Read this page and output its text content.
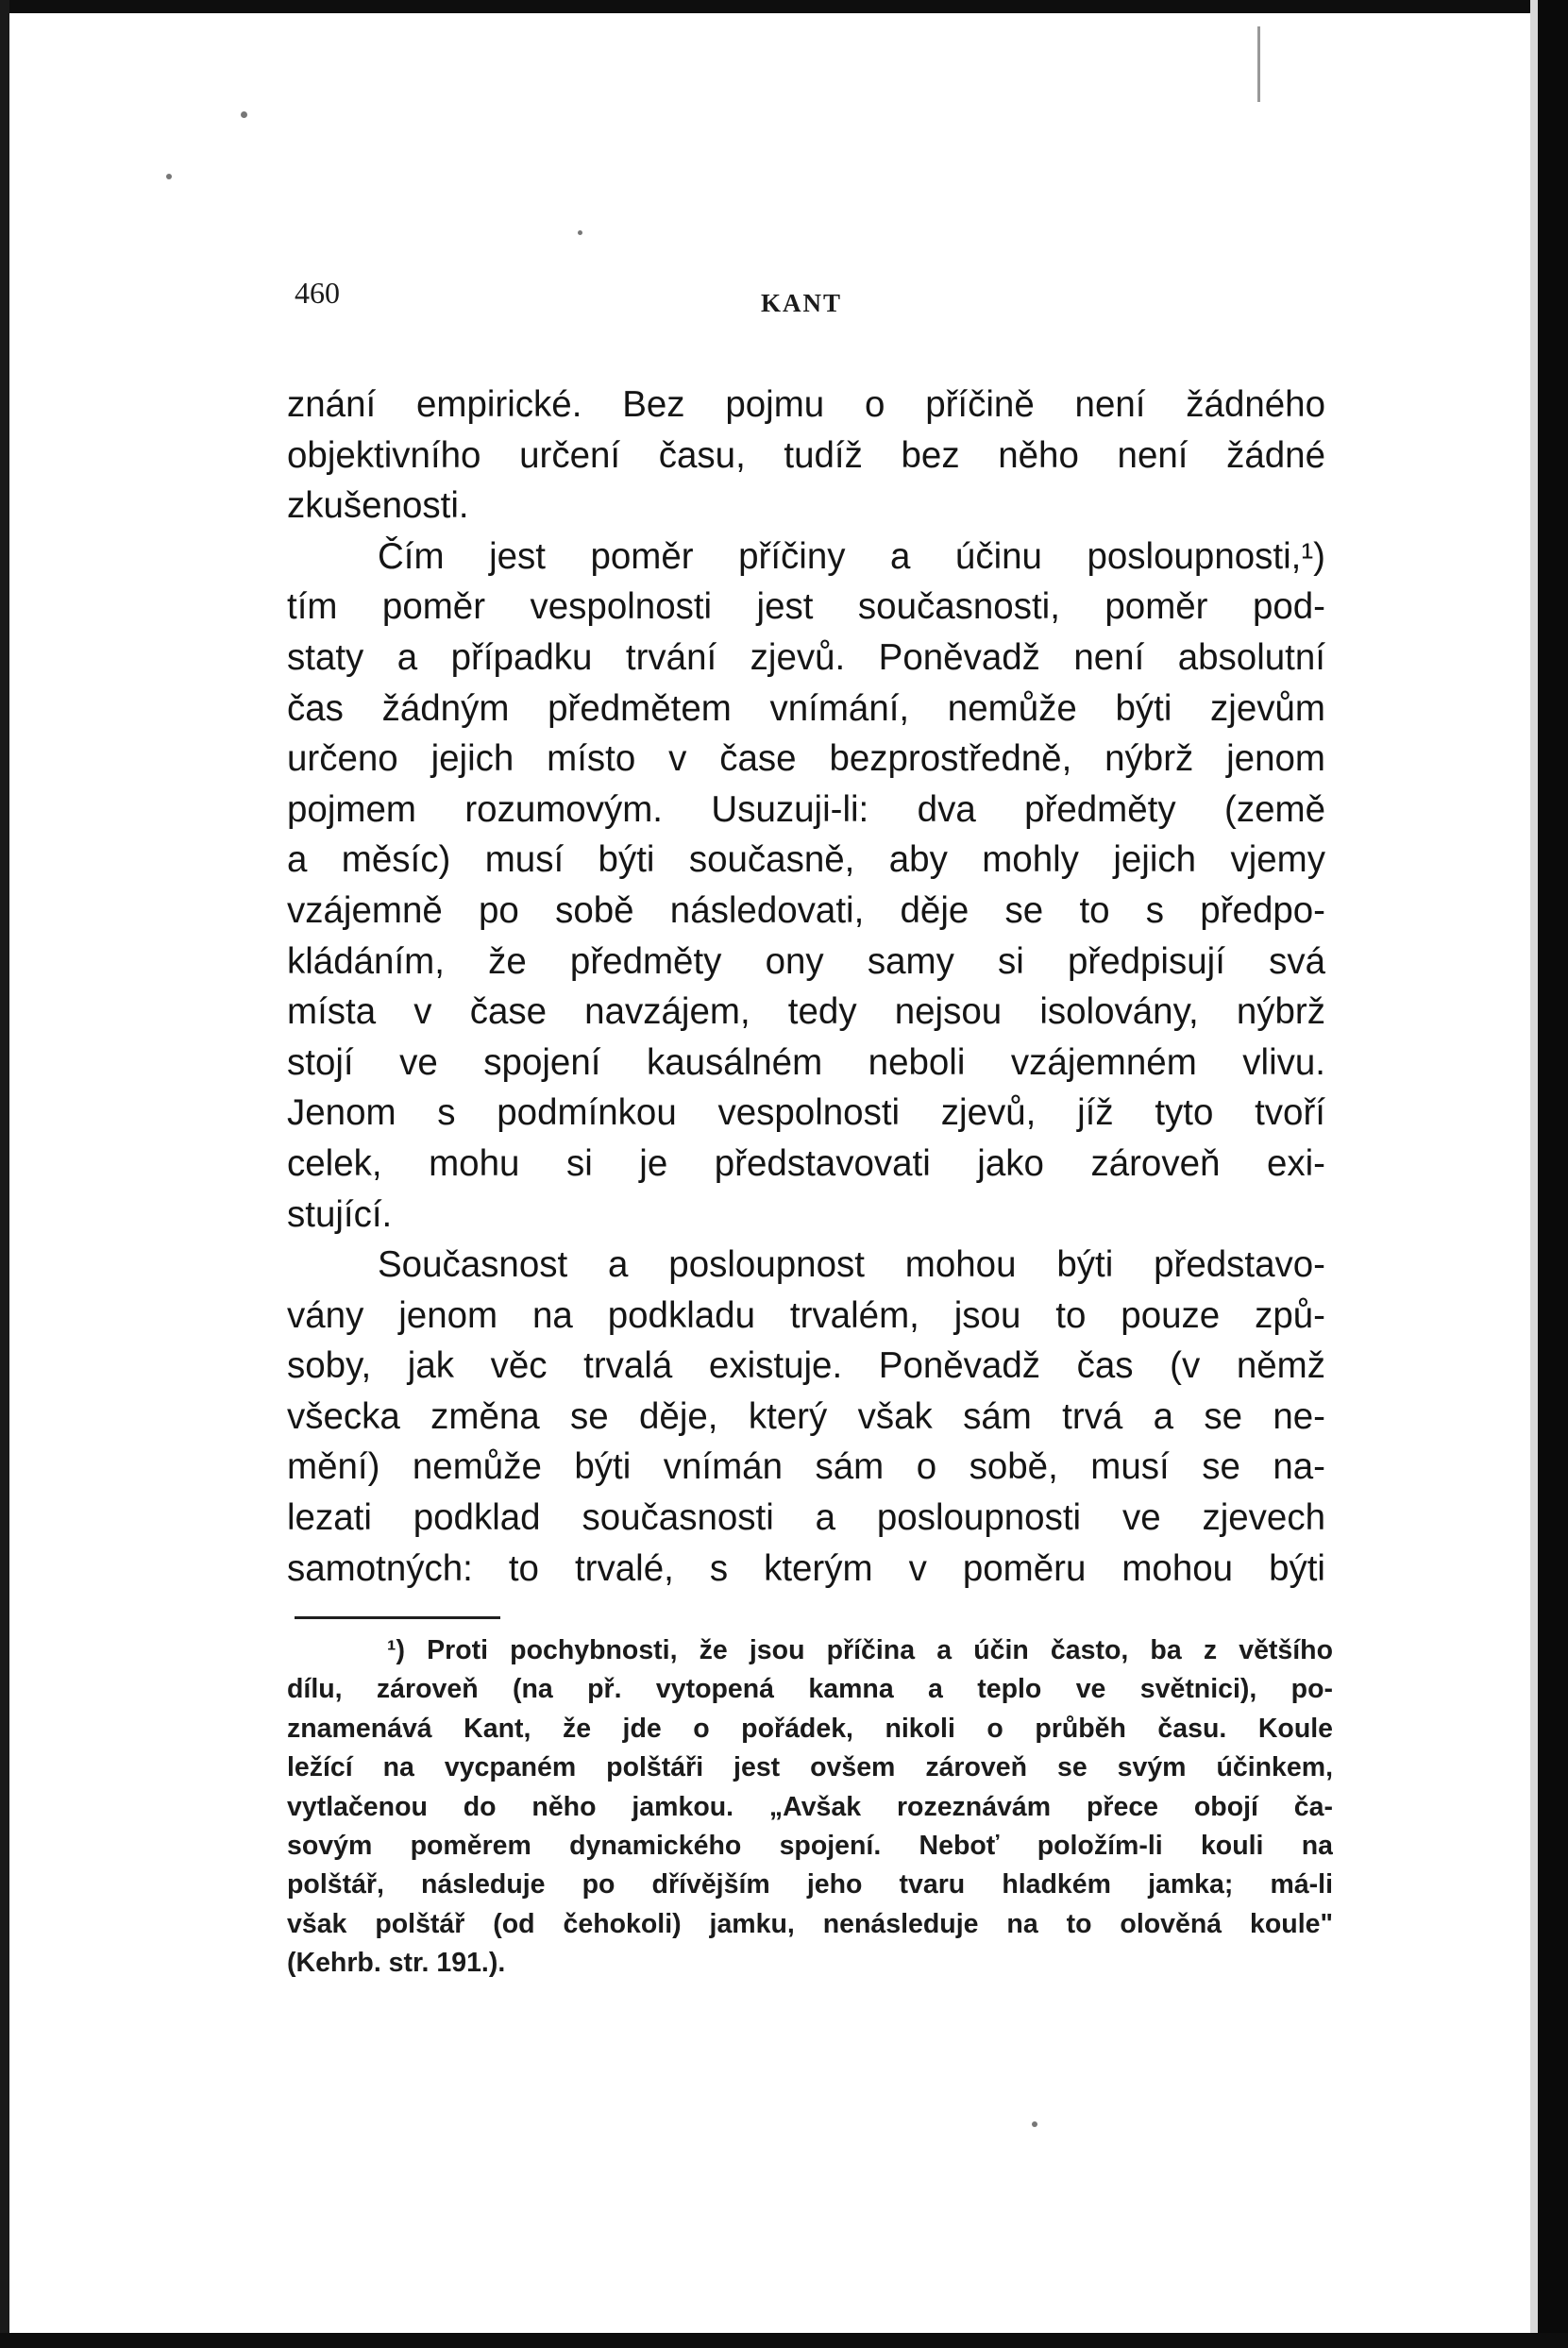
460	KANT
znání empirické. Bez pojmu o příčině není žádného
objektivního určení času, tudíž bez něho není žádné
zkušenosti.
Čím jest poměr příčiny a účinu posloupnosti,¹)
tím poměr vespolnosti jest současnosti, poměr pod-
staty a případku trvání zjevů. Poněvadž není absolutní
čas žádným předmětem vnímání, nemůže býti zjevům
určeno jejich místo v čase bezprostředně, nýbrž jenom
pojmem rozumovým. Usuzuji-li: dva předměty (země
a měsíc) musí býti současně, aby mohly jejich vjemy
vzájemně po sobě následovati, děje se to s předpo-
kládáním, že předměty ony samy si předpisují svá
místa v čase navzájem, tedy nejsou isolovány, nýbrž
stojí ve spojení kausálném neboli vzájemném vlivu.
Jenom s podmínkou vespolnosti zjevů, jíž tyto tvoří
celek, mohu si je představovati jako zároveň exi-
stující.
Současnost a posloupnost mohou býti představo-
vány jenom na podkladu trvalém, jsou to pouze způ-
soby, jak věc trvalá existuje. Poněvadž čas (v němž
všecka změna se děje, který však sám trvá a se ne-
mění) nemůže býti vnímán sám o sobě, musí se na-
lezati podklad současnosti a posloupnosti ve zjevech
samotných: to trvalé, s kterým v poměru mohou býti
¹) Proti pochybnosti, že jsou příčina a účin často, ba z většího
dílu, zároveň (na př. vytopená kamna a teplo ve světnici), po-
znamenává Kant, že jde o pořádek, nikoli o průběh času. Koule
ležící na vycpaném polštáři jest ovšem zároveň se svým účinkem,
vytlačenou do něho jamkou. „Avšak rozeznávám přece obojí ča-
sovým poměrem dynamického spojení. Neboť položím-li kouli na
polštář, následuje po dřívějším jeho tvaru hladkém jamka; má-li
však polštář (od čehokoli) jamku, nenásleduje na to olověná koule"
(Kehrb. str. 191.).
